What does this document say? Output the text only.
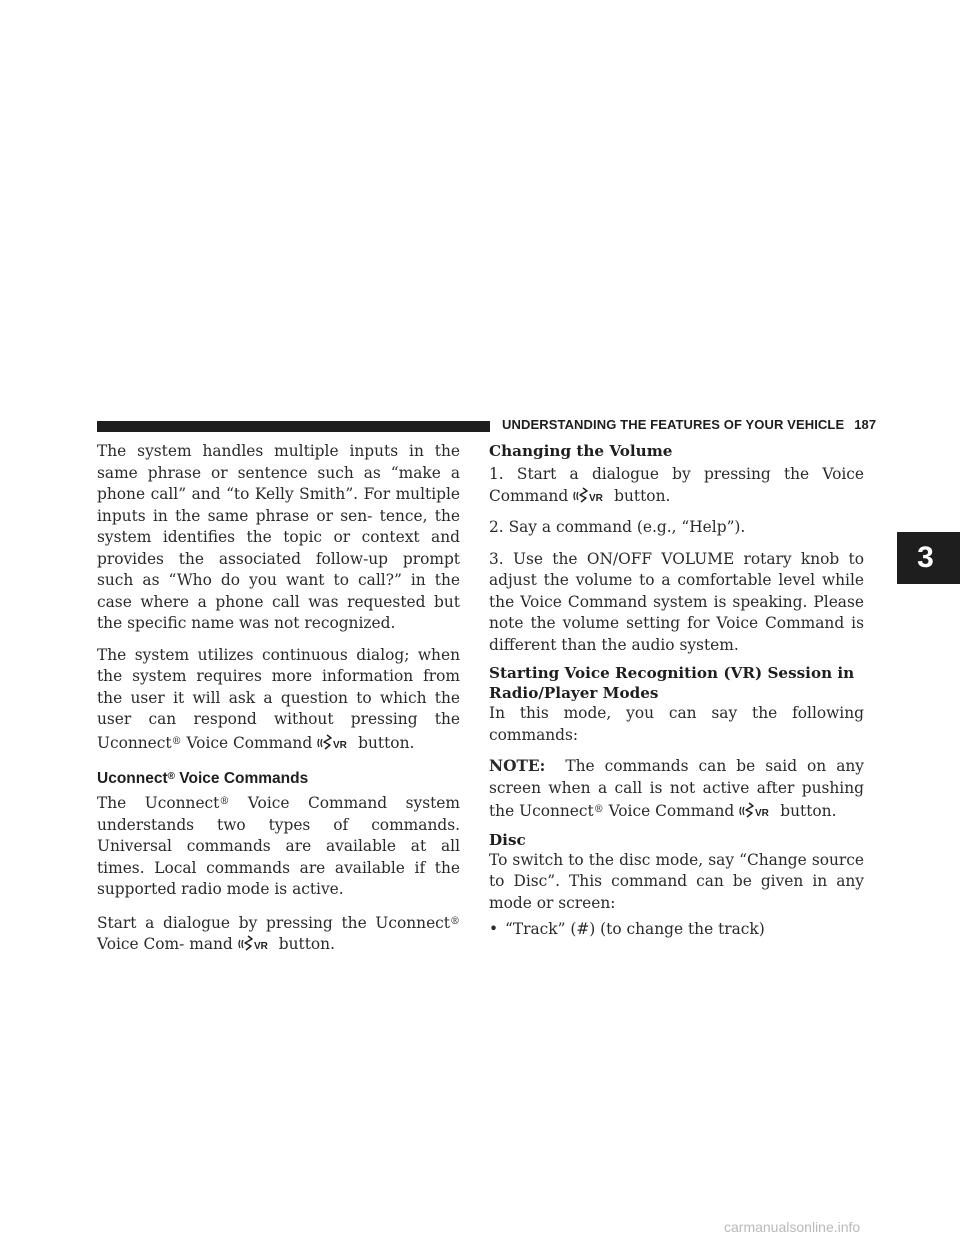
UNDERSTANDING THE FEATURES OF YOUR VEHICLE 187
3

The system handles multiple inputs in the same phrase or sentence such as “make a phone call” and “to Kelly Smith”. For multiple inputs in the same phrase or sen- tence, the system identifies the topic or context and provides the associated follow-up prompt such as “Who do you want to call?” in the case where a phone call was requested but the specific name was not recognized.

The system utilizes continuous dialog; when the system requires more information from the user it will ask a question to which the user can respond without pressing the Uconnect® Voice Command VR button.

Uconnect® Voice Commands

The Uconnect® Voice Command system understands two types of commands. Universal commands are available at all times. Local commands are available if the supported radio mode is active.

Start a dialogue by pressing the Uconnect® Voice Com- mand VR button.

Changing the Volume

1. Start a dialogue by pressing the Voice Command VR button.

2. Say a command (e.g., “Help”).

3. Use the ON/OFF VOLUME rotary knob to adjust the volume to a comfortable level while the Voice Command system is speaking. Please note the volume setting for Voice Command is different than the audio system.

Starting Voice Recognition (VR) Session in Radio/Player Modes

In this mode, you can say the following commands:

NOTE: The commands can be said on any screen when a call is not active after pushing the Uconnect® Voice Command VR button.

Disc

To switch to the disc mode, say “Change source to Disc”. This command can be given in any mode or screen:

• “Track” (#) (to change the track)
carmanualsonline.info
